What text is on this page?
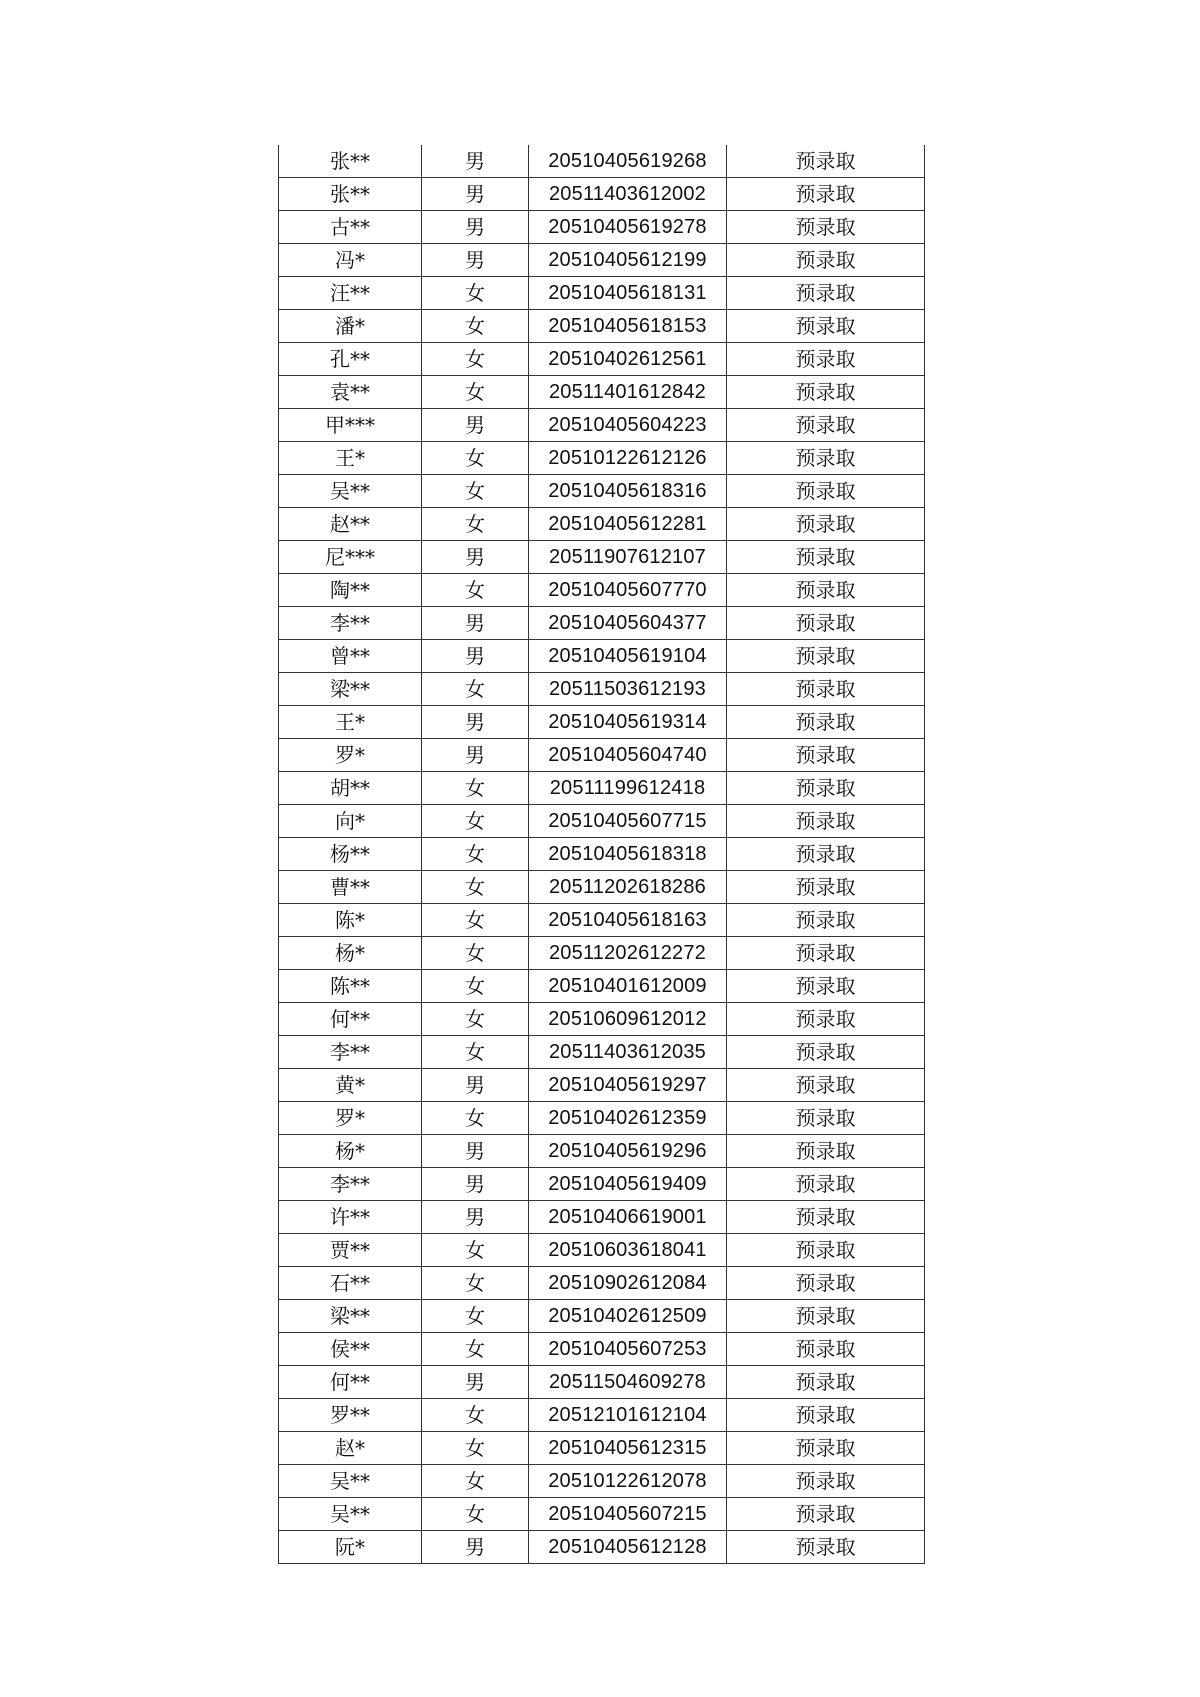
张**	男	20510405619268	预录取
张**	男	20511403612002	预录取
古**	男	20510405619278	预录取
冯*	男	20510405612199	预录取
汪**	女	20510405618131	预录取
潘*	女	20510405618153	预录取
孔**	女	20510402612561	预录取
袁**	女	20511401612842	预录取
甲***	男	20510405604223	预录取
王*	女	20510122612126	预录取
吴**	女	20510405618316	预录取
赵**	女	20510405612281	预录取
尼***	男	20511907612107	预录取
陶**	女	20510405607770	预录取
李**	男	20510405604377	预录取
曾**	男	20510405619104	预录取
梁**	女	20511503612193	预录取
王*	男	20510405619314	预录取
罗*	男	20510405604740	预录取
胡**	女	20511199612418	预录取
向*	女	20510405607715	预录取
杨**	女	20510405618318	预录取
曹**	女	20511202618286	预录取
陈*	女	20510405618163	预录取
杨*	女	20511202612272	预录取
陈**	女	20510401612009	预录取
何**	女	20510609612012	预录取
李**	女	20511403612035	预录取
黄*	男	20510405619297	预录取
罗*	女	20510402612359	预录取
杨*	男	20510405619296	预录取
李**	男	20510405619409	预录取
许**	男	20510406619001	预录取
贾**	女	20510603618041	预录取
石**	女	20510902612084	预录取
梁**	女	20510402612509	预录取
侯**	女	20510405607253	预录取
何**	男	20511504609278	预录取
罗**	女	20512101612104	预录取
赵*	女	20510405612315	预录取
吴**	女	20510122612078	预录取
吴**	女	20510405607215	预录取
阮*	男	20510405612128	预录取
